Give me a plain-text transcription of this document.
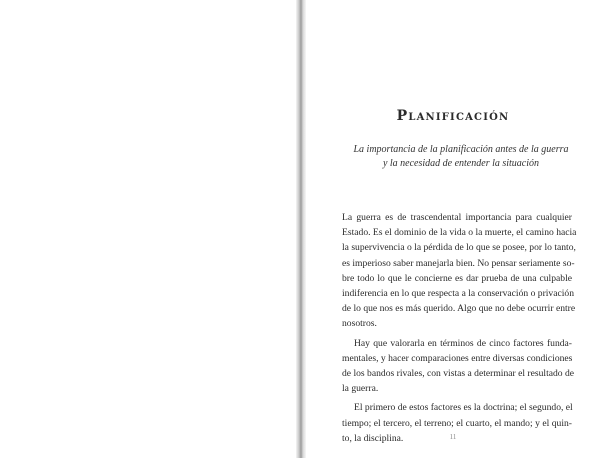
Planificación
La importancia de la planificación antes de la guerra
y la necesidad de entender la situación
La guerra es de trascendental importancia para cualquier
Estado. Es el dominio de la vida o la muerte, el camino hacia
la supervivencia o la pérdida de lo que se posee, por lo tanto,
es imperioso saber manejarla bien. No pensar seriamente so-
bre todo lo que le concierne es dar prueba de una culpable
indiferencia en lo que respecta a la conservación o privación
de lo que nos es más querido. Algo que no debe ocurrir entre
nosotros.
Hay que valorarla en términos de cinco factores funda-
mentales, y hacer comparaciones entre diversas condiciones
de los bandos rivales, con vistas a determinar el resultado de
la guerra.
El primero de estos factores es la doctrina; el segundo, el
tiempo; el tercero, el terreno; el cuarto, el mando; y el quin-
to, la disciplina.	11
